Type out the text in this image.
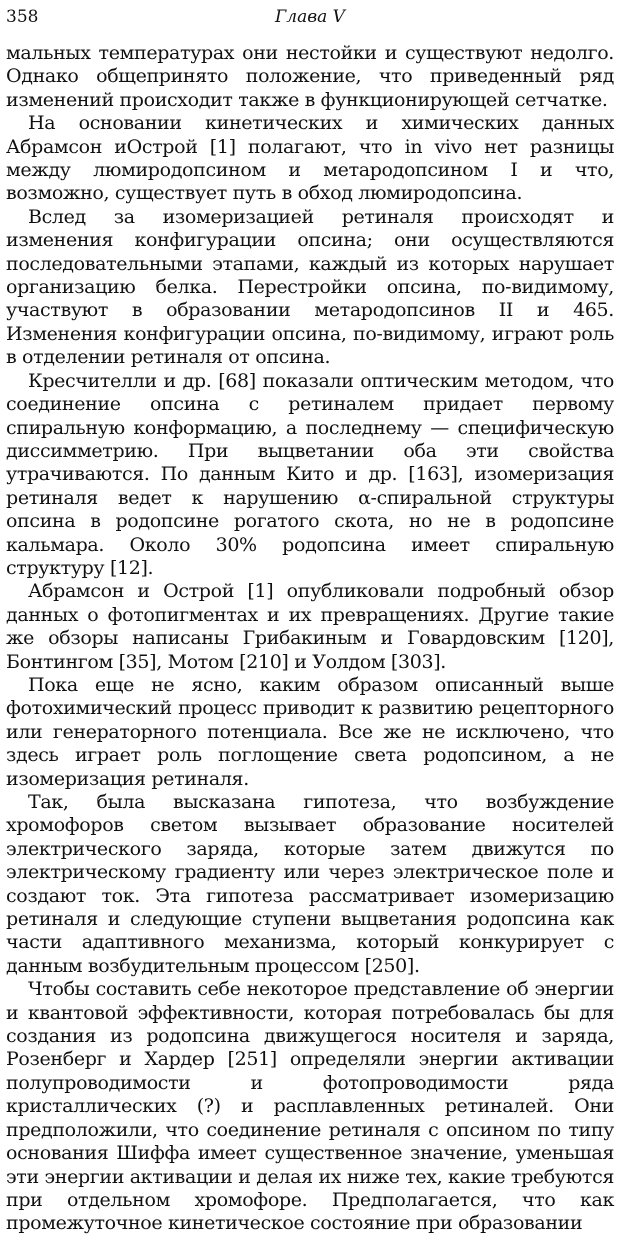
358	Глава V

мальных температурах они нестойки и существуют недолго. Однако общепринято положение, что приведенный ряд изменений происходит также в функционирующей сетчатке.

На основании кинетических и химических данных Абрамсон иОстрой [1] полагают, что in vivo нет разницы между люмиродопсином и метародопсином I и что, возможно, существует путь в обход люмиродопсина.

Вслед за изомеризацией ретиналя происходят и изменения конфигурации опсина; они осуществляются последовательными этапами, каждый из которых нарушает организацию белка. Перестройки опсина, по-видимому, участвуют в образовании метародопсинов II и 465. Изменения конфигурации опсина, по-видимому, играют роль в отделении ретиналя от опсина.

Кресчителли и др. [68] показали оптическим методом, что соединение опсина с ретиналем придает первому спиральную конформацию, а последнему — специфическую диссимметрию. При выцветании оба эти свойства утрачиваются. По данным Кито и др. [163], изомеризация ретиналя ведет к нарушению α-спиральной структуры опсина в родопсине рогатого скота, но не в родопсине кальмара. Около 30% родопсина имеет спиральную структуру [12].

Абрамсон и Острой [1] опубликовали подробный обзор данных о фотопигментах и их превращениях. Другие такие же обзоры написаны Грибакиным и Говардовским [120], Бонтингом [35], Мотом [210] и Уолдом [303].

Пока еще не ясно, каким образом описанный выше фотохимический процесс приводит к развитию рецепторного или генераторного потенциала. Все же не исключено, что здесь играет роль поглощение света родопсином, а не изомеризация ретиналя.

Так, была высказана гипотеза, что возбуждение хромофоров светом вызывает образование носителей электрического заряда, которые затем движутся по электрическому градиенту или через электрическое поле и создают ток. Эта гипотеза рассматривает изомеризацию ретиналя и следующие ступени выцветания родопсина как части адаптивного механизма, который конкурирует с данным возбудительным процессом [250].

Чтобы составить себе некоторое представление об энергии и квантовой эффективности, которая потребовалась бы для создания из родопсина движущегося носителя и заряда, Розенберг и Хардер [251] определяли энергии активации полупроводимости и фотопроводимости ряда кристаллических (?) и расплавленных ретиналей. Они предположили, что соединение ретиналя с опсином по типу основания Шиффа имеет существенное значение, уменьшая эти энергии активации и делая их ниже тех, какие требуются при отдельном хромофоре. Предполагается, что как промежуточное кинетическое состояние при образовании
